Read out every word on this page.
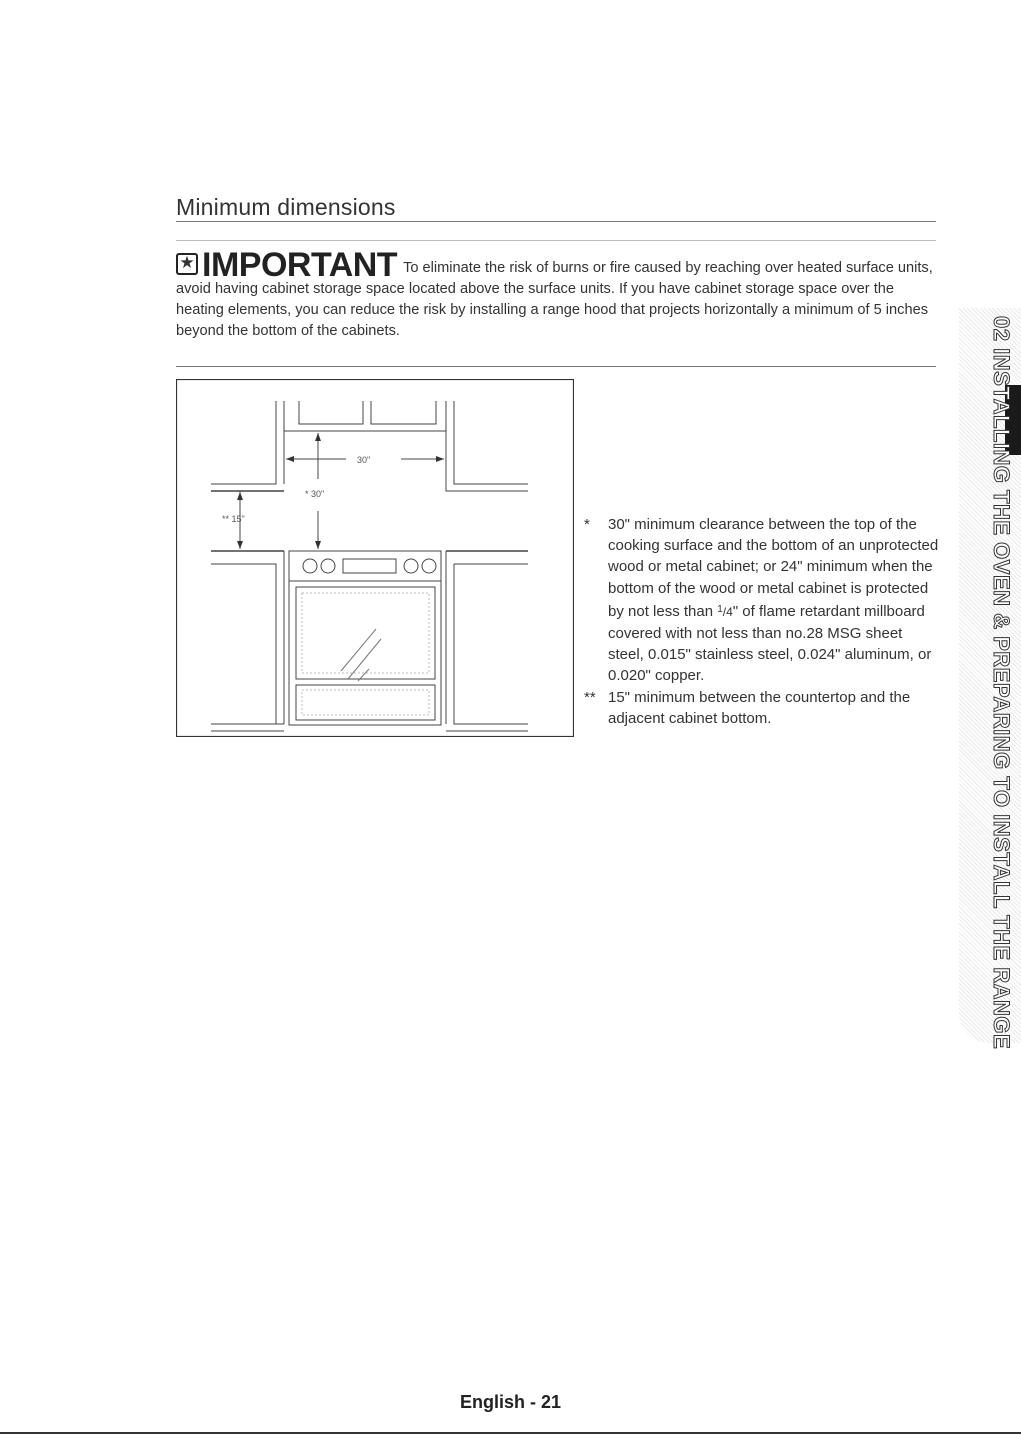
Minimum dimensions
★ IMPORTANT To eliminate the risk of burns or fire caused by reaching over heated surface units, avoid having cabinet storage space located above the surface units. If you have cabinet storage space over the heating elements, you can reduce the risk by installing a range hood that projects horizontally a minimum of 5 inches beyond the bottom of the cabinets.
30"
* 30"
** 15"	* 30" minimum clearance between the top of the cooking surface and the bottom of an unprotected wood or metal cabinet; or 24" minimum when the bottom of the wood or metal cabinet is protected by not less than $^1$/4" of flame retardant millboard covered with not less than no.28 MSG sheet steel, 0.015" stainless steel, 0.024" aluminum, or 0.020" copper.

** 15" minimum between the countertop and the adjacent cabinet bottom.	02 INSTALLING THE OVEN & PREPARING TO INSTALL THE RANGE
English - 21
